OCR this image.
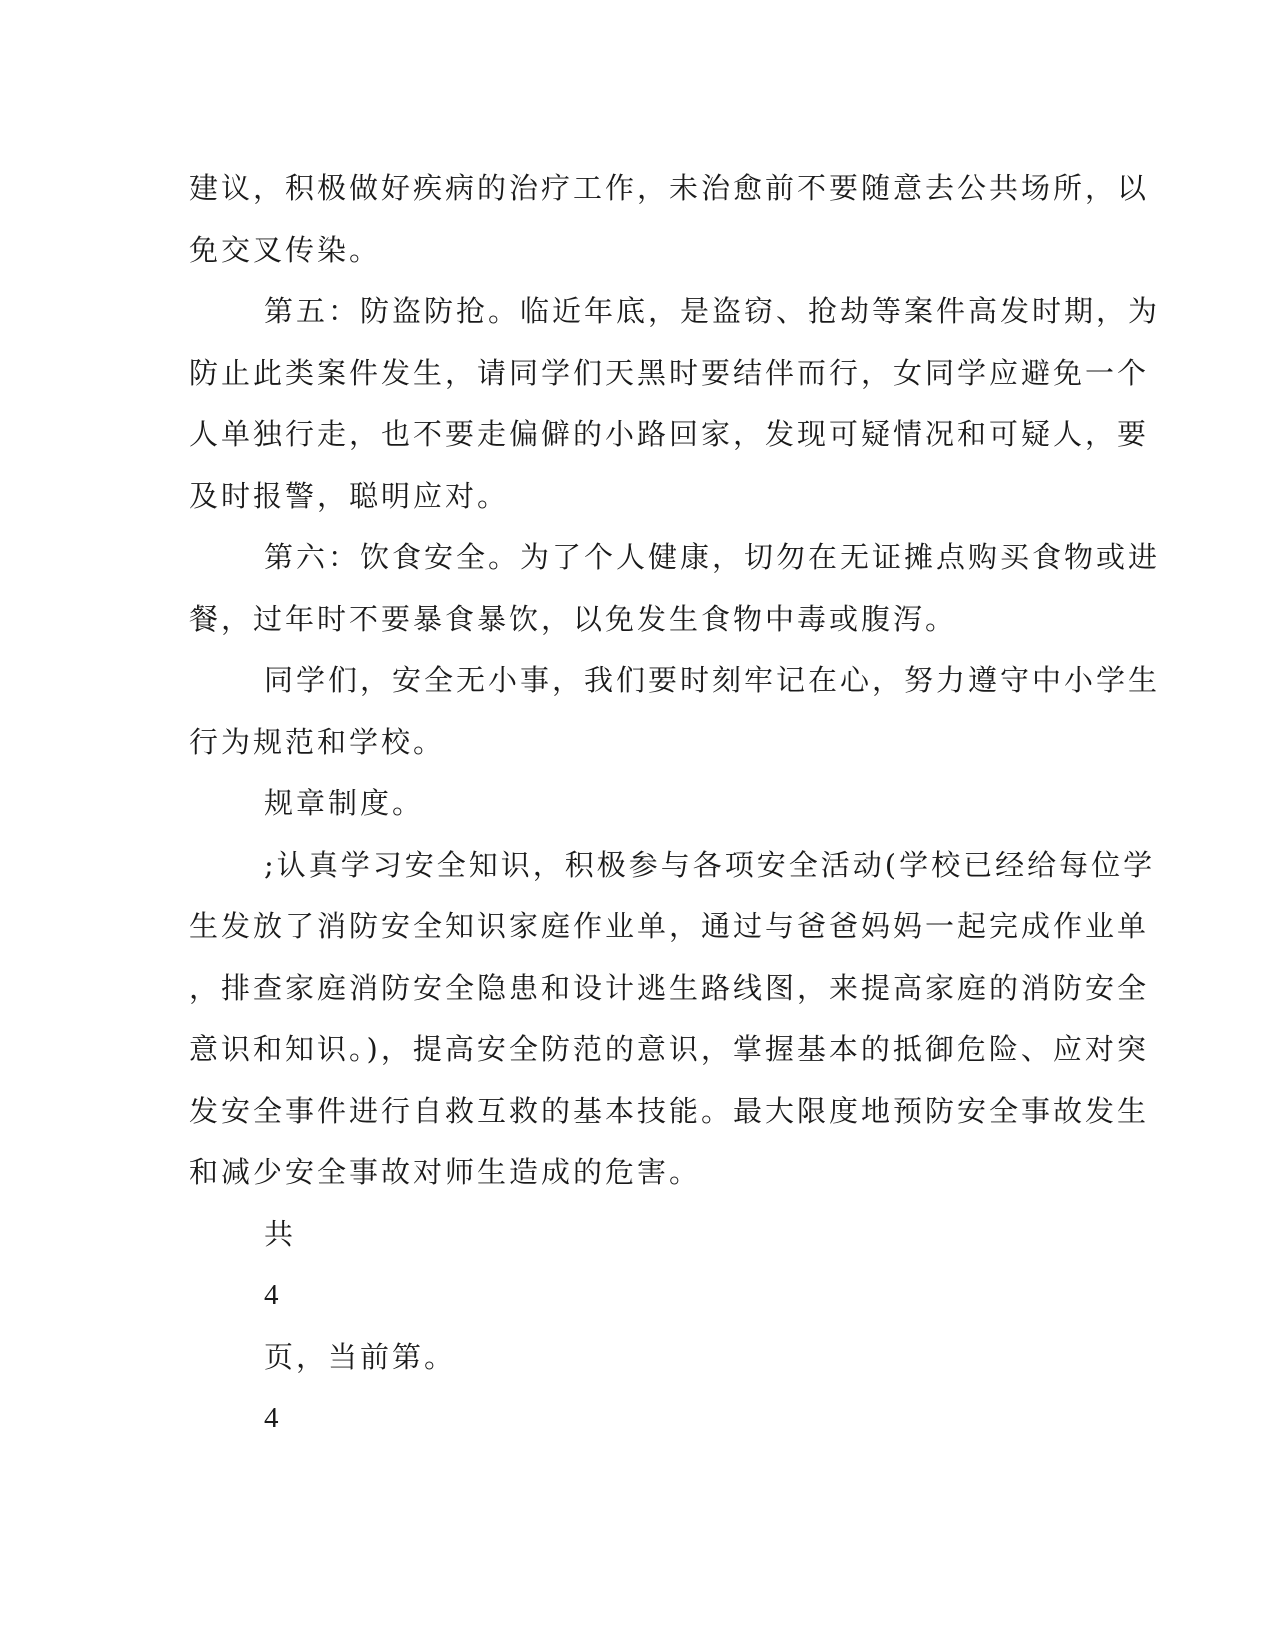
建议，积极做好疾病的治疗工作，未治愈前不要随意去公共场所，以
免交叉传染。

第五：防盗防抢。临近年底，是盗窃、抢劫等案件高发时期，为

防止此类案件发生，请同学们天黑时要结伴而行，女同学应避免一个
人单独行走，也不要走偏僻的小路回家，发现可疑情况和可疑人，要
及时报警，聪明应对。

第六：饮食安全。为了个人健康，切勿在无证摊点购买食物或进

餐，过年时不要暴食暴饮，以免发生食物中毒或腹泻。

同学们，安全无小事，我们要时刻牢记在心，努力遵守中小学生

行为规范和学校。

规章制度。

;认真学习安全知识，积极参与各项安全活动(学校已经给每位学

生发放了消防安全知识家庭作业单，通过与爸爸妈妈一起完成作业单
，排查家庭消防安全隐患和设计逃生路线图，来提高家庭的消防安全
意识和知识。)，提高安全防范的意识，掌握基本的抵御危险、应对突
发安全事件进行自救互救的基本技能。最大限度地预防安全事故发生
和减少安全事故对师生造成的危害。

共

4

页，当前第。

4
